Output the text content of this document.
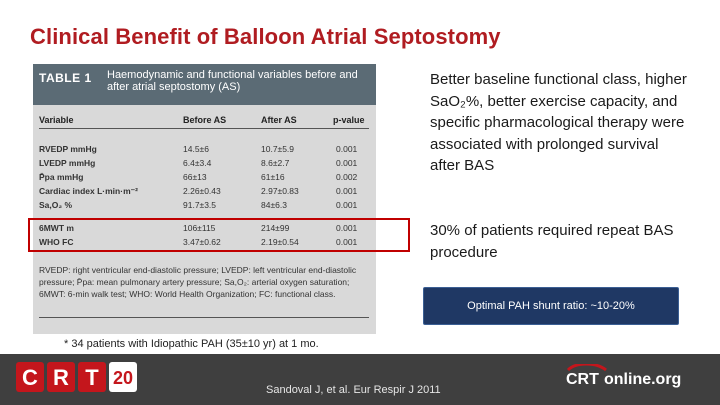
Clinical Benefit of Balloon Atrial Septostomy
TABLE 1 Haemodynamic and functional variables before and after atrial septostomy (AS)
Variable	Before AS	After AS	p-value
RVEDP mmHg	14.5±6	10.7±5.9	0.001
LVEDP mmHg	6.4±3.4	8.6±2.7	0.001
P̄pa mmHg	66±13	61±16	0.002
Cardiac index L·min·m⁻²	2.26±0.43	2.97±0.83	0.001
Sa,O₂ %	91.7±3.5	84±6.3	0.001
6MWT m	106±115	214±99	0.001
WHO FC	3.47±0.62	2.19±0.54	0.001
RVEDP: right ventricular end-diastolic pressure; LVEDP: left ventricular end-diastolic pressure; P̄pa: mean pulmonary artery pressure; Sa,O₂: arterial oxygen saturation; 6MWT: 6-min walk test; WHO: World Health Organization; FC: functional class.
Better baseline functional class, higher SaO₂%, better exercise capacity, and specific pharmacological therapy were associated with prolonged survival after BAS
30% of patients required repeat BAS procedure
Optimal PAH shunt ratio: ~10-20%
* 34 patients with Idiopathic PAH (35±10 yr) at 1 mo.
C R T 20	CRT online.org
Sandoval J, et al. Eur Respir J 2011
